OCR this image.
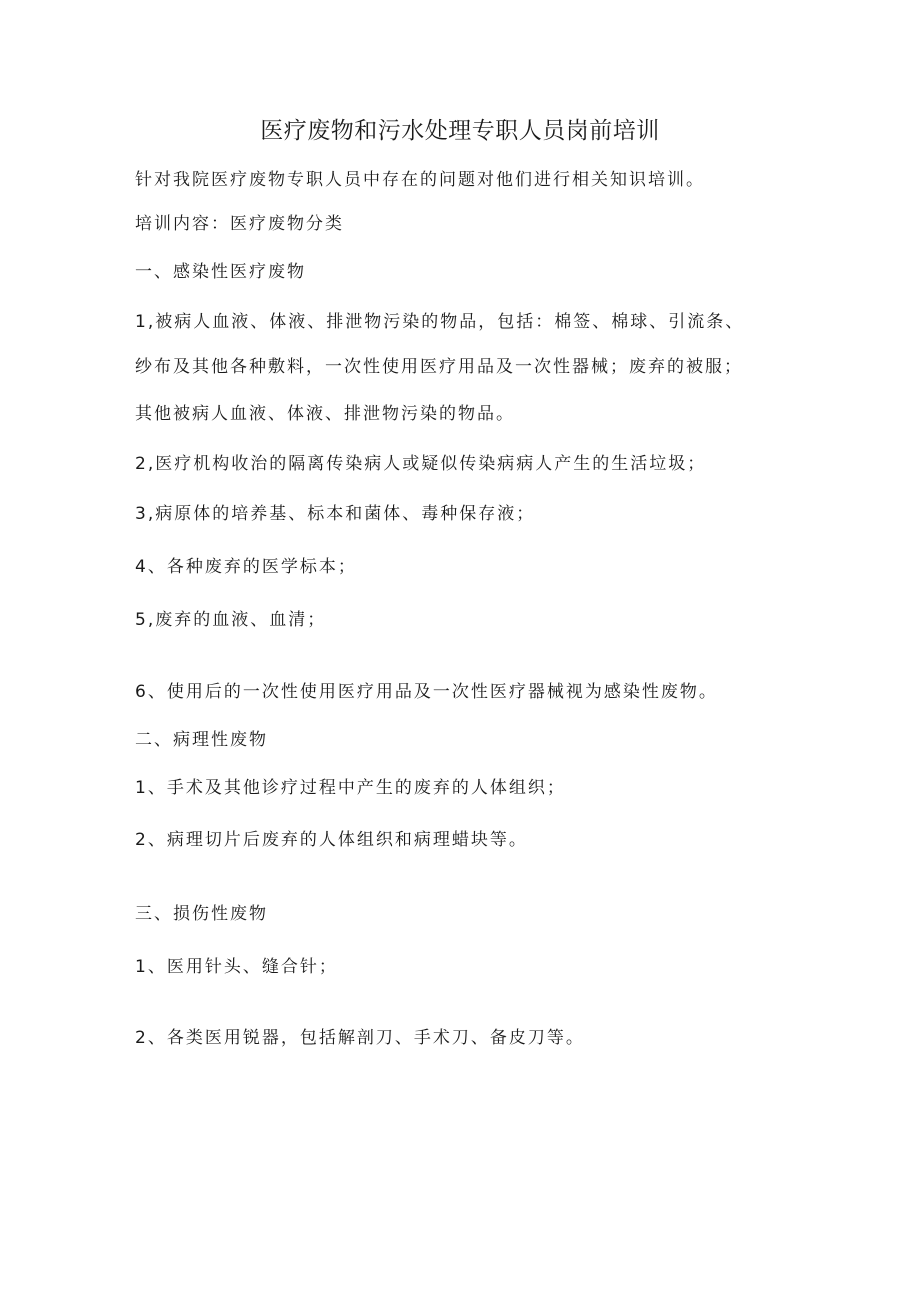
医疗废物和污水处理专职人员岗前培训

针对我院医疗废物专职人员中存在的问题对他们进行相关知识培训。

培训内容：医疗废物分类

一、感染性医疗废物

1,被病人血液、体液、排泄物污染的物品，包括：棉签、棉球、引流条、

纱布及其他各种敷料，一次性使用医疗用品及一次性器械；废弃的被服；

其他被病人血液、体液、排泄物污染的物品。

2,医疗机构收治的隔离传染病人或疑似传染病病人产生的生活垃圾；

3,病原体的培养基、标本和菌体、毒种保存液；

4、各种废弃的医学标本；

5,废弃的血液、血清；

6、使用后的一次性使用医疗用品及一次性医疗器械视为感染性废物。

二、病理性废物

1、手术及其他诊疗过程中产生的废弃的人体组织；

2、病理切片后废弃的人体组织和病理蜡块等。

三、损伤性废物

1、医用针头、缝合针；

2、各类医用锐器，包括解剖刀、手术刀、备皮刀等。
